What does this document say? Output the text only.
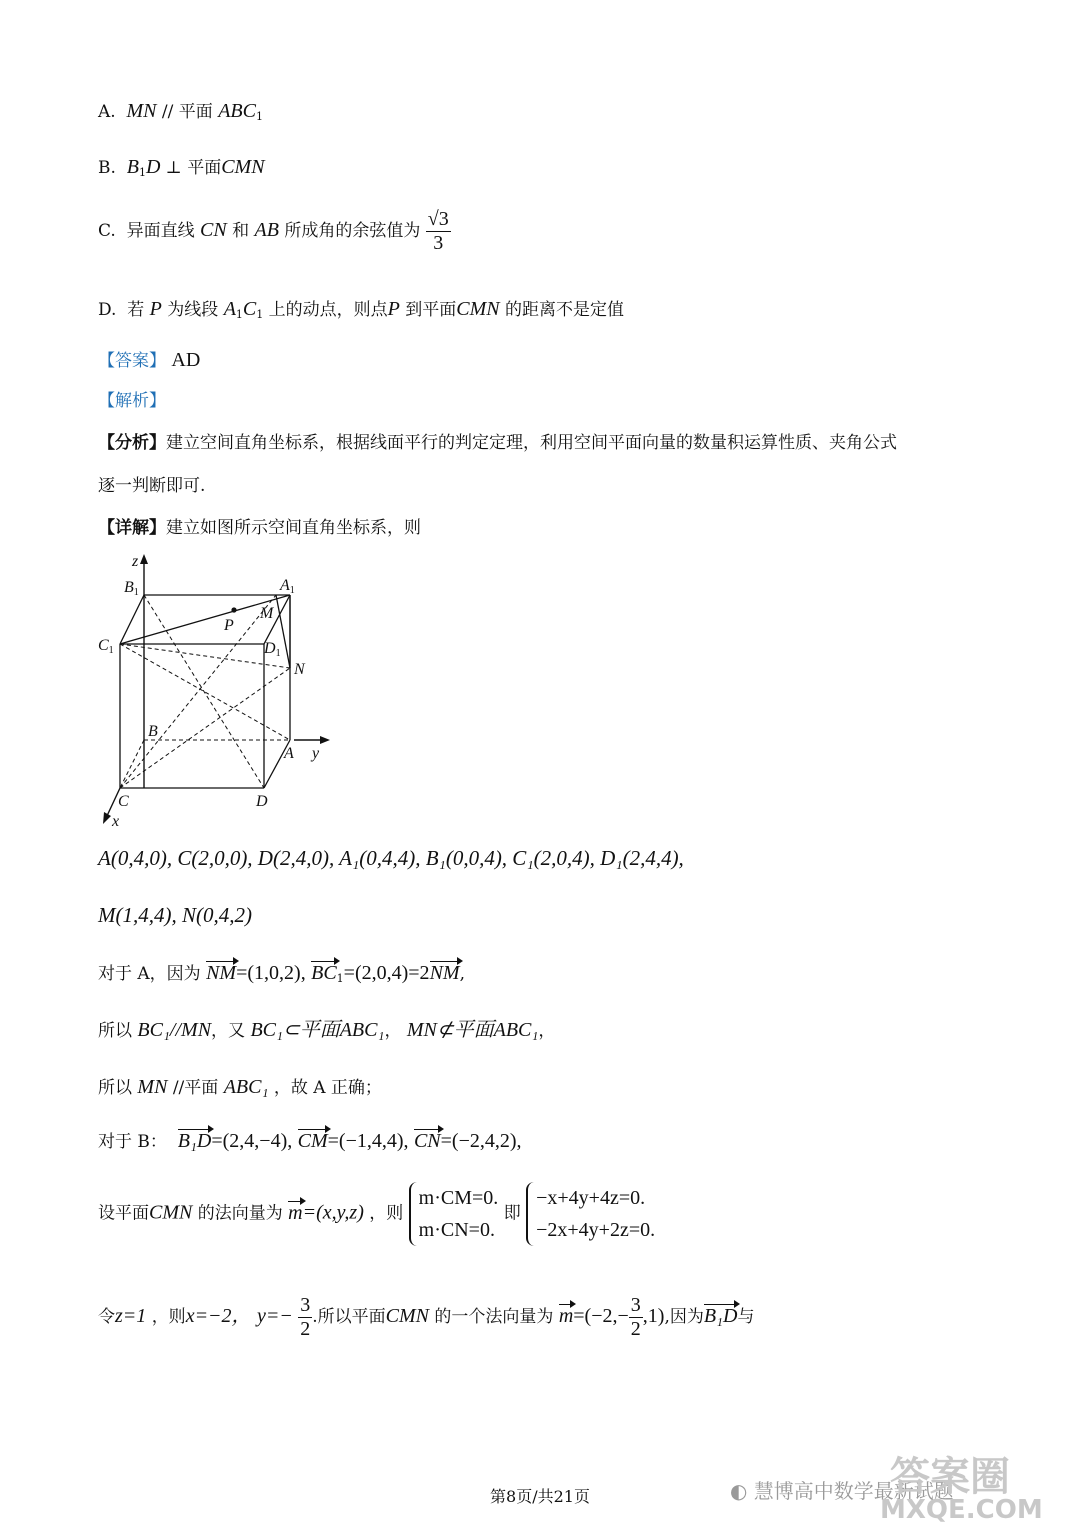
A. MN // 平面 $ABC_1$
B. $B_1D$ ⊥ 平面CMN
C. 异面直线 CN 和 AB 所成角的余弦值为 $\frac{√3}{3}$
D. 若 P 为线段 $A_1C_1$ 上的动点，则点P 到平面CMN 的距离不是定值
【答案】 AD
【解析】
【分析】建立空间直角坐标系，根据线面平行的判定定理，利用空间平面向量的数量积运算性质、夹角公式
逐一判断即可.
【详解】建立如图所示空间直角坐标系，则
z
y
x
B1	A1
C1	D1
M
P
N
B
A
C	D
A(0,4,0), C(2,0,0), D(2,4,0), A₁(0,4,4), B₁(0,0,4), C₁(2,0,4), D₁(2,4,4),
M(1,4,4), N(0,4,2)
对于 A，因为 NM=(1,0,2), $BC_1=(2,0,4)=2NM$,
所以 BC₁//MN，又 BC₁⊂平面ABC₁， MN⊄平面ABC₁，
所以 MN //平面 ABC₁ ，故 A 正确；
对于 B： B₁D=(2,4,−4), CM=(−1,4,4), CN=(−2,4,2),
设平面CMN 的法向量为 m=(x,y,z) ，则
m·CM=0.
m·CN=0.
即
−x+4y+4z=0.
−2x+4y+2z=0.
令z=1 ，则x=−2， $y=- \frac{3}{2}$ .所以平面CMN 的一个法向量为 $m=(-2,- \frac{3}{2} ,1)$,因为B₁D与
第8页/共21页	◐ 慧博高中数学最新试题
答案圈
MXQE.COM
